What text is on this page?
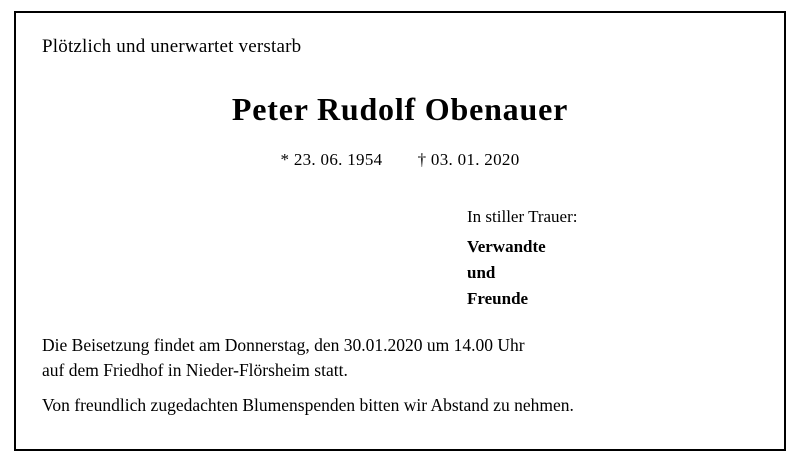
Plötzlich und unerwartet verstarb
Peter Rudolf Obenauer
* 23. 06. 1954 † 03. 01. 2020
In stiller Trauer:
Verwandte
und
Freunde

Die Beisetzung findet am Donnerstag, den 30.01.2020 um 14.00 Uhr

auf dem Friedhof in Nieder-Flörsheim statt.

Von freundlich zugedachten Blumenspenden bitten wir Abstand zu nehmen.
